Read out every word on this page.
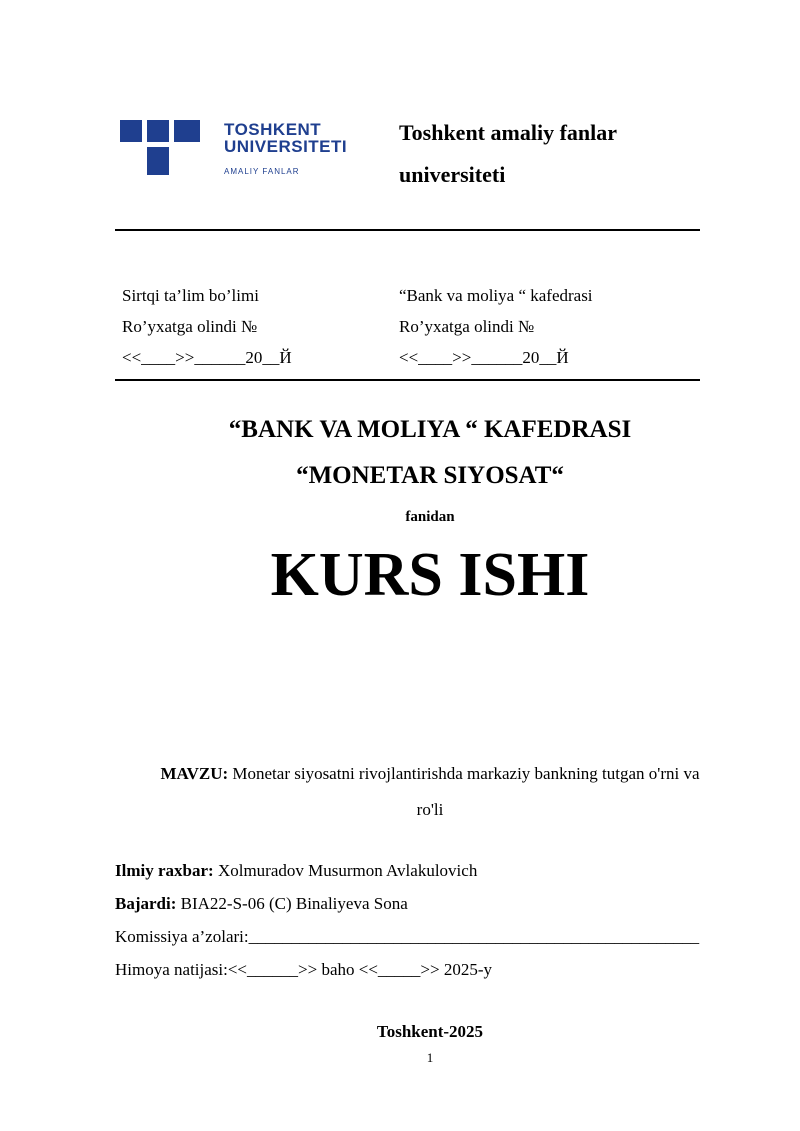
TOSHKENT
UNIVERSITETI
AMALIY FANLAR
Toshkent amaliy fanlar
universiteti
Sirtqi ta’lim bo’limi
Ro’yxatga olindi №
<<____>>______20__Й
“Bank va moliya “ kafedrasi
Ro’yxatga olindi №
<<____>>______20__Й
“BANK VA MOLIYA “ KAFEDRASI
“MONETAR SIYOSAT“
fanidan
KURS ISHI
MAVZU: Monetar siyosatni rivojlantirishda markaziy bankning tutgan o'rni va
ro'li
Ilmiy raxbar: Xolmuradov Musurmon Avlakulovich
Bajardi: BIA22-S-06 (C) Binaliyeva Sona
Komissiya a’zolari:_____________________________________________________
Himoya natijasi:<<______>> baho <<_____>> 2025-y
Toshkent-2025
1
